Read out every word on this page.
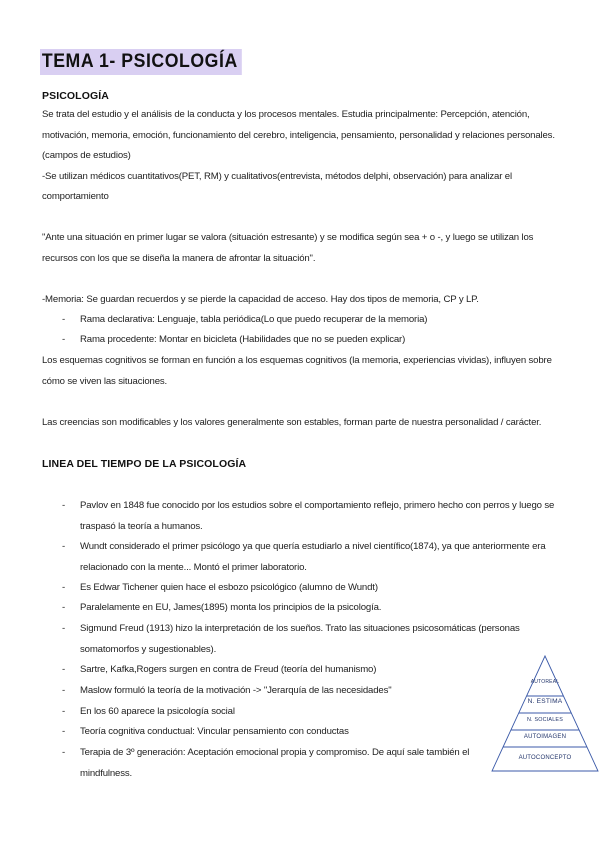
TEMA 1- PSICOLOGÍA
PSICOLOGÍA
Se trata del estudio y el análisis de la conducta y los procesos mentales. Estudia principalmente: Percepción, atención,
motivación, memoria, emoción, funcionamiento del cerebro, inteligencia, pensamiento, personalidad y relaciones personales.
(campos de estudios)
-Se utilizan médicos cuantitativos(PET, RM) y cualitativos(entrevista, métodos delphi, observación) para analizar el
comportamiento
"Ante una situación en primer lugar se valora (situación estresante) y se modifica según sea + o -, y luego se utilizan los
recursos con los que se diseña la manera de afrontar la situación".
-Memoria: Se guardan recuerdos y se pierde la capacidad de acceso. Hay dos tipos de memoria, CP y LP.
-	Rama declarativa: Lenguaje, tabla periódica(Lo que puedo recuperar de la memoria)
-	Rama procedente: Montar en bicicleta (Habilidades que no se pueden explicar)
Los esquemas cognitivos se forman en función a los esquemas cognitivos (la memoria, experiencias vividas), influyen sobre
cómo se viven las situaciones.
Las creencias son modificables y los valores generalmente son estables, forman parte de nuestra personalidad / carácter.
LINEA DEL TIEMPO DE LA PSICOLOGÍA
-	Pavlov en 1848 fue conocido por los estudios sobre el comportamiento reflejo, primero hecho con perros y luego se
traspasó la teoría a humanos.
-	Wundt considerado el primer psicólogo ya que quería estudiarlo a nivel científico(1874), ya que anteriormente era
relacionado con la mente... Montó el primer laboratorio.
-	Es Edwar Tichener quien hace el esbozo psicológico (alumno de Wundt)
-	Paralelamente en EU, James(1895) monta los principios de la psicología.
-	Sigmund Freud (1913) hizo la interpretación de los sueños. Trato las situaciones psicosomáticas (personas
somatomorfos y sugestionables).
-	Sartre, Kafka,Rogers surgen en contra de Freud (teoría del humanismo)
-	Maslow formuló la teoría de la motivación -> "Jerarquía de las necesidades"
-	En los 60 aparece la psicología social
-	Teoría cognitiva conductual: Vincular pensamiento con conductas
-	Terapia de 3º generación: Aceptación emocional propia y compromiso. De aquí sale también el
mindfulness.
AUTOREAL
N. ESTIMA
N. SOCIALES
AUTOIMAGEN
AUTOCONCEPTO
